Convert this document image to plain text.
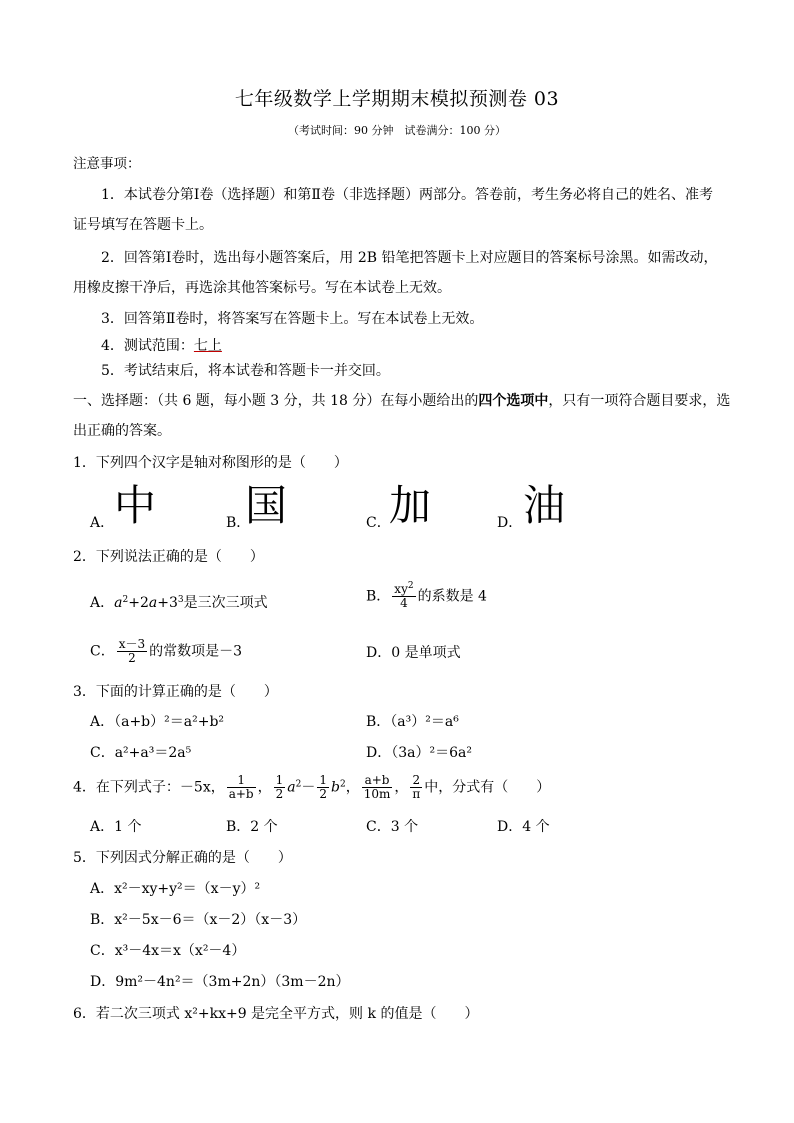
七年级数学上学期期末模拟预测卷 03
（考试时间：90 分钟　试卷满分：100 分）
注意事项：
1．本试卷分第Ⅰ卷（选择题）和第Ⅱ卷（非选择题）两部分。答卷前，考生务必将自己的姓名、准考
证号填写在答题卡上。
2．回答第Ⅰ卷时，选出每小题答案后，用 2B 铅笔把答题卡上对应题目的答案标号涂黑。如需改动，
用橡皮擦干净后，再选涂其他答案标号。写在本试卷上无效。
3．回答第Ⅱ卷时，将答案写在答题卡上。写在本试卷上无效。
4．测试范围：七上
5．考试结束后，将本试卷和答题卡一并交回。
一、选择题：（共 6 题，每小题 3 分，共 18 分）在每小题给出的四个选项中，只有一项符合题目要求，选
出正确的答案。
1．下列四个汉字是轴对称图形的是（　　）
A． 中	B．
国	C．
加	D． 油
2．下列说法正确的是（　　）
A．$a^2+2a+3^3$是三次三项式	B． $\frac{xy^2}{4}$ 的系数是 4
C． $\frac{x-3}{2}$ 的常数项是－3	D．0 是单项式
3．下面的计算正确的是（　　）
A．（a+b）²＝a²+b²	B．（a³）²＝a⁶
C．a²+a³＝2a⁵	D．（3a）²＝6a²
4．在下列式子：－5x， $\frac{1}{a+b}$ ， $\frac{1}{2} a^2- \frac{1}{2} b^2$， $\frac{a+b}{10m}$ ， $\frac{2}{\pi}$ 中，分式有（　　）
A．1 个	B．2 个	C．3 个	D．4 个
5．下列因式分解正确的是（　　）
A．x²－xy+y²＝（x－y）²
B．x²－5x－6＝（x－2）（x－3）
C．x³－4x＝x（x²－4）
D．9m²－4n²＝（3m+2n）（3m－2n）
6．若二次三项式 x²+kx+9 是完全平方式，则 k 的值是（　　）
